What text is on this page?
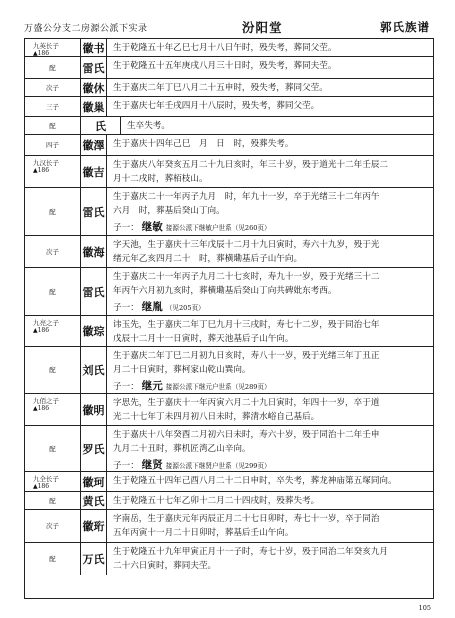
万盛公分支二房源公派下实录	汾阳堂	郭氏族谱
九英长子
▲186	徽书 生于乾隆五十年乙巳七月十八日午时，殁失考，葬同父茔。
配	雷氏 生于乾隆五十五年庚戌八月三十日时，殁失考，葬同夫茔。
次子	徽休 生于嘉庆二年丁巳八月二十五申时，殁失考，葬同父茔。
三子	徽巢 生于嘉庆七年壬戌四月十八辰时，殁失考，葬同父茔。
配	氏	生卒失考。
四子	徽澤 生于嘉庆十四年己巳　月　日　时，殁葬失考。
九汉长子
▲186	徽吉
生于嘉庆八年癸亥五月二十九日亥时，年三十岁，殁于道光十二年壬辰二
月十二戌时，葬栢枝山。
配	雷氏
生于嘉庆二十一年丙子九月　时，年九十一岁，卒于光绪三十二年丙午
六月　时，葬基后癸山丁向。
子一： 继敏 接源公派下继敏户世系（见260页）
次子	徽海
字天池，生于嘉庆十三年戊辰十二月十九日寅时，寿六十九岁，殁于光
绪元年乙亥四月二十　时，葬横墈基后子山午向。
配	雷氏
生于嘉庆二十一年丙子九月二十七亥时，寿九十一岁，殁于光绪三十二
年丙午六月初九亥时，葬横墈基后癸山丁向共碑妣东考西。
子一： 继胤 （见205页）
九亮之子
▲186	徽琮 讳玉先，生于嘉庆二年丁巳九月十三戌时，寿七十二岁，殁于同治七年
戊辰十二月十一日寅时，葬天池基后子山午向。
配	刘氏
生于嘉庆二年丁巳二月初九日亥时，寿八十一岁，殁于光绪三年丁丑正
月二十日寅时，葬柯家山乾山巽向。
子一： 继元 接源公派下继元户世系（见289页）
九佰之子
▲186	徽明
字思先，生于嘉庆十一年丙寅六月二十九日寅时，年四十一岁，卒于道
光二十七年丁未四月初八日未时，葬清水峪自己基后。
配	罗氏
生于嘉庆十八年癸酉二月初六日未时，寿六十岁，殁于同治十二年壬申
九月二十丑时，葬机匠湾乙山辛向。
子一： 继贤 接源公派下继贤户世系（见299页）
九全长子
▲186	徽珂 生于乾隆五十四年己酉八月二十二日申时，卒失考，葬龙神庙第五塚同向。
配	黄氏 生于乾隆五十七年乙卯十二月二十四戌时，殁葬失考。
次子	徽珩
字南岳，生于嘉庆元年丙辰正月二十七日卯时，寿七十一岁，卒于同治
五年丙寅十一月二十日卯时，葬基后壬山午向。
配	万氏
生于乾隆五十九年甲寅正月十一子时，寿七十岁，殁于同治二年癸亥九月
二十六日寅时，葬同夫茔。
105
